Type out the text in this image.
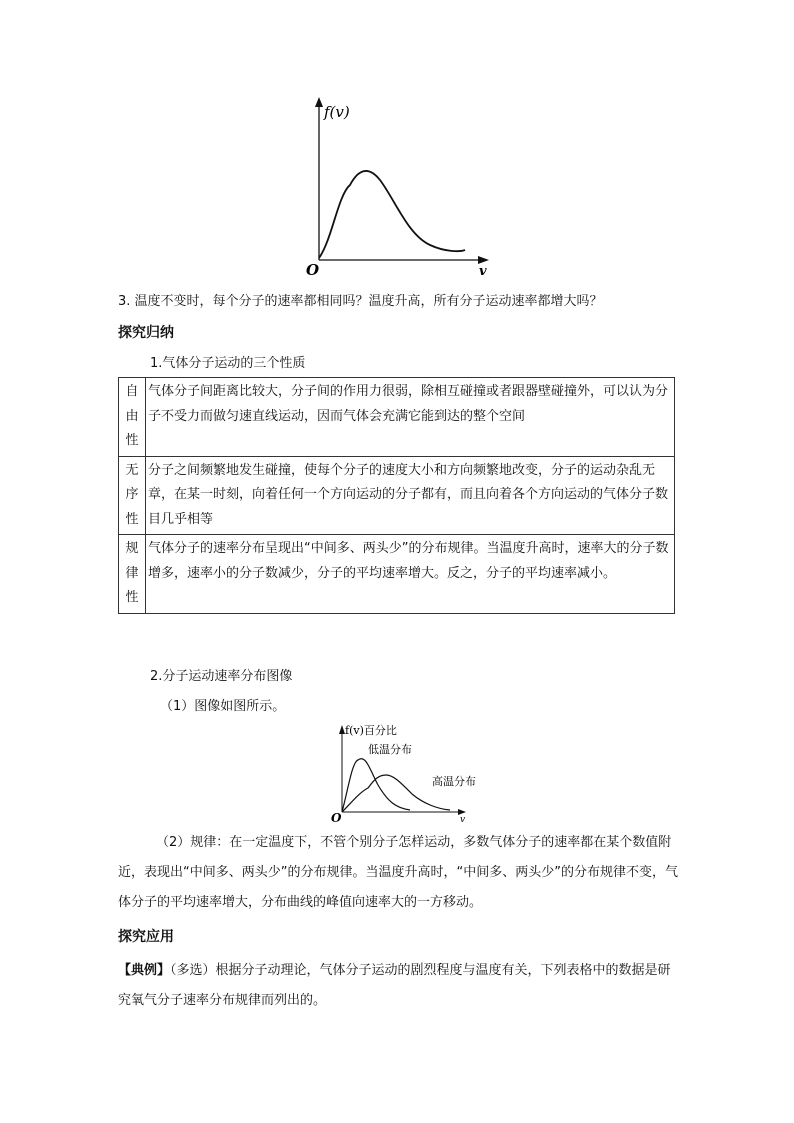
f(v)
v
O
3. 温度不变时，每个分子的速率都相同吗？温度升高，所有分子运动速率都增大吗？
探究归纳
1.气体分子运动的三个性质
自
由
性	气体分子间距离比较大，分子间的作用力很弱，除相互碰撞或者跟器壁碰撞外，可以认为分子不受力而做匀速直线运动，因而气体会充满它能到达的整个空间

无
序
性	分子之间频繁地发生碰撞，使每个分子的速度大小和方向频繁地改变，分子的运动杂乱无章，在某一时刻，向着任何一个方向运动的分子都有，而且向着各个方向运动的气体分子数目几乎相等

规
律
性	气体分子的速率分布呈现出“中间多、两头少”的分布规律。当温度升高时，速率大的分子数增多，速率小的分子数减少，分子的平均速率增大。反之，分子的平均速率减小。
2.分子运动速率分布图像
（1）图像如图所示。
f(v)百分比
低温分布
高温分布
O	v
（2）规律：在一定温度下，不管个别分子怎样运动，多数气体分子的速率都在某个数值附近，表现出“中间多、两头少”的分布规律。当温度升高时，“中间多、两头少”的分布规律不变，气体分子的平均速率增大，分布曲线的峰值向速率大的一方移动。
探究应用
【典例】（多选）根据分子动理论，气体分子运动的剧烈程度与温度有关，下列表格中的数据是研究氧气分子速率分布规律而列出的。
